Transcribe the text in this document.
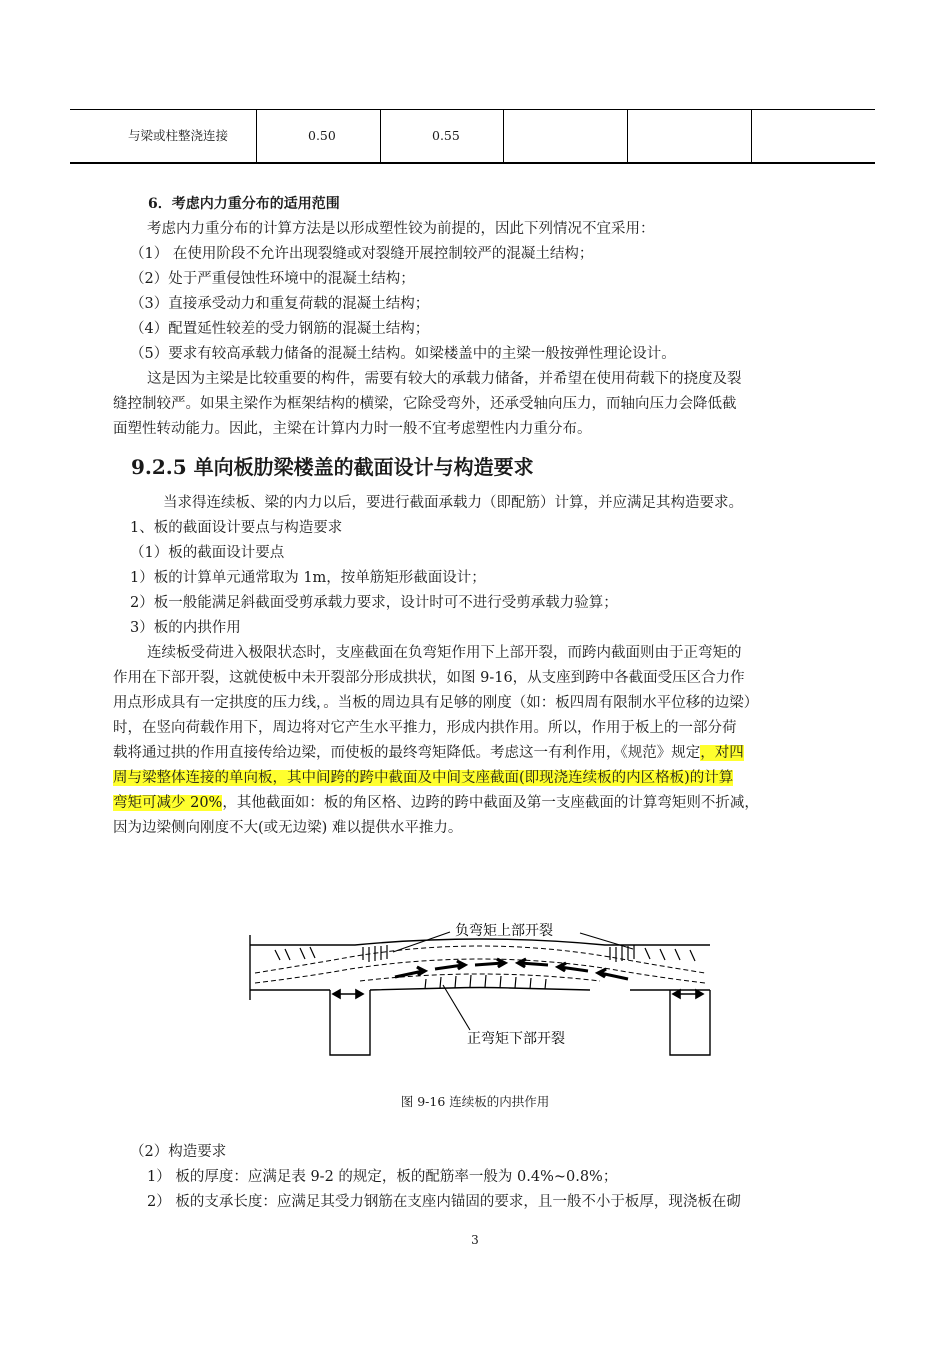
与梁或柱整浇连接	0.50	0.55
6．考虑内力重分布的适用范围
考虑内力重分布的计算方法是以形成塑性铰为前提的，因此下列情况不宜采用：
（1） 在使用阶段不允许出现裂缝或对裂缝开展控制较严的混凝土结构；
（2）处于严重侵蚀性环境中的混凝土结构；
（3）直接承受动力和重复荷载的混凝土结构；
（4）配置延性较差的受力钢筋的混凝土结构；
（5）要求有较高承载力储备的混凝土结构。如梁楼盖中的主梁一般按弹性理论设计。
这是因为主梁是比较重要的构件，需要有较大的承载力储备，并希望在使用荷载下的挠度及裂
缝控制较严。如果主梁作为框架结构的横梁，它除受弯外，还承受轴向压力，而轴向压力会降低截
面塑性转动能力。因此，主梁在计算内力时一般不宜考虑塑性内力重分布。
9.2.5 单向板肋梁楼盖的截面设计与构造要求
当求得连续板、梁的内力以后，要进行截面承载力（即配筋）计算，并应满足其构造要求。
1、板的截面设计要点与构造要求
（1）板的截面设计要点
1）板的计算单元通常取为 1m，按单筋矩形截面设计；
2）板一般能满足斜截面受剪承载力要求，设计时可不进行受剪承载力验算；
3）板的内拱作用
连续板受荷进入极限状态时，支座截面在负弯矩作用下上部开裂，而跨内截面则由于正弯矩的
作用在下部开裂，这就使板中未开裂部分形成拱状，如图 9-16，从支座到跨中各截面受压区合力作
用点形成具有一定拱度的压力线，。当板的周边具有足够的刚度（如：板四周有限制水平位移的边梁）
时，在竖向荷载作用下，周边将对它产生水平推力，形成内拱作用。所以，作用于板上的一部分荷
载将通过拱的作用直接传给边梁，而使板的最终弯矩降低。考虑这一有利作用，《规范》规定，对四
周与梁整体连接的单向板，其中间跨的跨中截面及中间支座截面(即现浇连续板的内区格板)的计算
弯矩可减少 20%，其他截面如：板的角区格、边跨的跨中截面及第一支座截面的计算弯矩则不折减，
因为边梁侧向刚度不大(或无边梁) 难以提供水平推力。
负弯矩上部开裂
正弯矩下部开裂
图 9-16 连续板的内拱作用
（2）构造要求
1） 板的厚度：应满足表 9-2 的规定，板的配筋率一般为 0.4%~0.8%；
2） 板的支承长度：应满足其受力钢筋在支座内锚固的要求，且一般不小于板厚，现浇板在砌
3
